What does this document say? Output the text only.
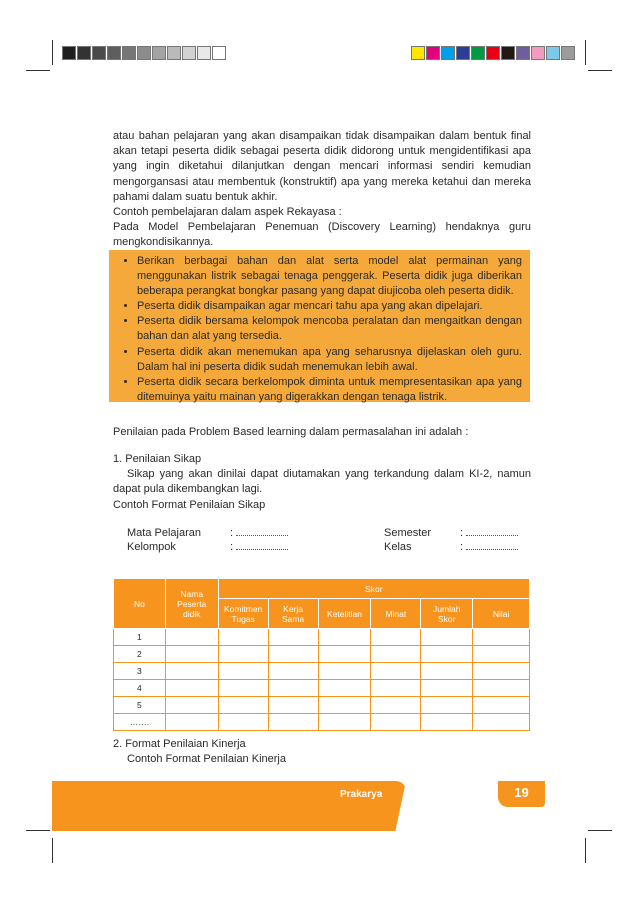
atau bahan pelajaran yang akan disampaikan tidak disampaikan dalam bentuk final akan tetapi peserta didik sebagai peserta didik didorong untuk mengidentifikasi apa yang ingin diketahui dilanjutkan dengan mencari informasi sendiri kemudian mengorgansasi atau membentuk (konstruktif) apa yang mereka ketahui dan mereka pahami dalam suatu bentuk akhir.

Contoh pembelajaran dalam aspek Rekayasa :

Pada Model Pembelajaran Penemuan (Discovery Learning) hendaknya guru mengkondisikannya.

• Berikan berbagai bahan dan alat serta model alat permainan yang menggunakan listrik sebagai tenaga penggerak. Peserta didik juga diberikan beberapa perangkat bongkar pasang yang dapat diujicoba oleh peserta didik.
• Peserta didik disampaikan agar mencari tahu apa yang akan dipelajari.
• Peserta didik bersama kelompok mencoba peralatan dan mengaitkan dengan bahan dan alat yang tersedia.
• Peserta didik akan menemukan apa yang seharusnya dijelaskan oleh guru. Dalam hal ini peserta didik sudah menemukan lebih awal.
• Peserta didik secara berkelompok diminta untuk mempresentasikan apa yang ditemuinya yaitu mainan yang digerakkan dengan tenaga listrik.
Penilaian pada Problem Based learning dalam permasalahan ini adalah :

1. Penilaian Sikap

Sikap yang akan dinilai dapat diutamakan yang terkandung dalam KI-2, namun dapat pula dikembangkan lagi.

Contoh Format Penilaian Sikap
Mata Pelajaran	:
Kelompok	:
Semester	:
Kelas	:
No	Nama Peserta didik	Skor					
		Komitmen Tugas	Kerja Sama	Ketelitian	Minat	Jumlah Skor	Nilai
1							
2							
3							
4							
5							
…….							

2. Format Penilaian Kinerja

Contoh Format Penilaian Kinerja

Prakarya	19
